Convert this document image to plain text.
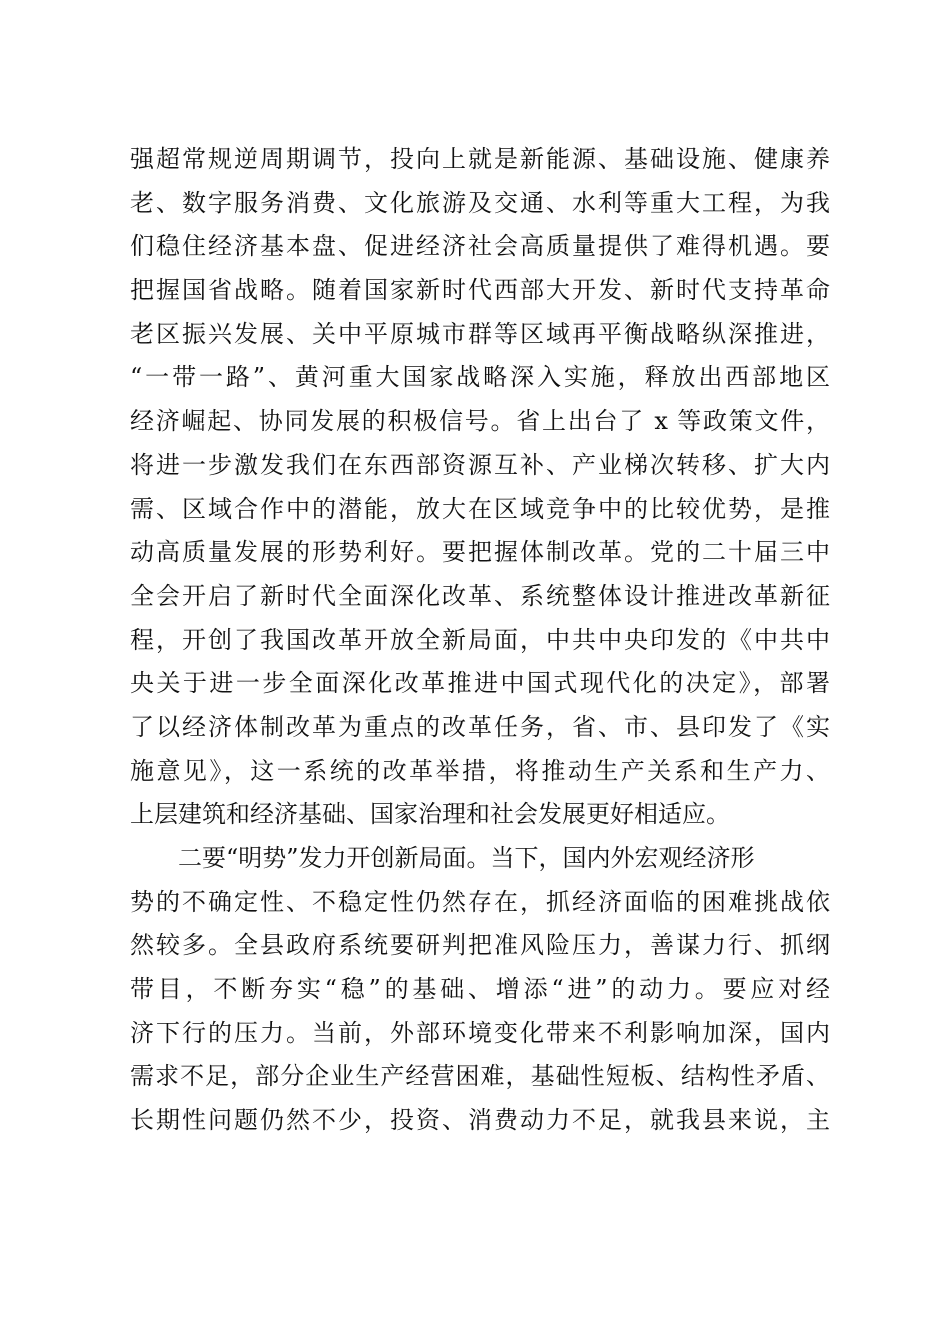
强超常规逆周期调节，投向上就是新能源、基础设施、健康养
老、数字服务消费、文化旅游及交通、水利等重大工程，为我
们稳住经济基本盘、促进经济社会高质量提供了难得机遇。要
把握国省战略。随着国家新时代西部大开发、新时代支持革命
老区振兴发展、关中平原城市群等区域再平衡战略纵深推进，
“一带一路”、黄河重大国家战略深入实施，释放出西部地区
经济崛起、协同发展的积极信号。省上出台了 x 等政策文件，
将进一步激发我们在东西部资源互补、产业梯次转移、扩大内
需、区域合作中的潜能，放大在区域竞争中的比较优势，是推
动高质量发展的形势利好。要把握体制改革。党的二十届三中
全会开启了新时代全面深化改革、系统整体设计推进改革新征
程，开创了我国改革开放全新局面，中共中央印发的《中共中
央关于进一步全面深化改革推进中国式现代化的决定》，部署
了以经济体制改革为重点的改革任务，省、市、县印发了《实
施意见》，这一系统的改革举措，将推动生产关系和生产力、
上层建筑和经济基础、国家治理和社会发展更好相适应。
二要“明势”发力开创新局面。当下，国内外宏观经济形
势的不确定性、不稳定性仍然存在，抓经济面临的困难挑战依
然较多。全县政府系统要研判把准风险压力，善谋力行、抓纲
带目，不断夯实“稳”的基础、增添“进”的动力。要应对经
济下行的压力。当前，外部环境变化带来不利影响加深，国内
需求不足，部分企业生产经营困难，基础性短板、结构性矛盾、
长期性问题仍然不少，投资、消费动力不足，就我县来说，主
